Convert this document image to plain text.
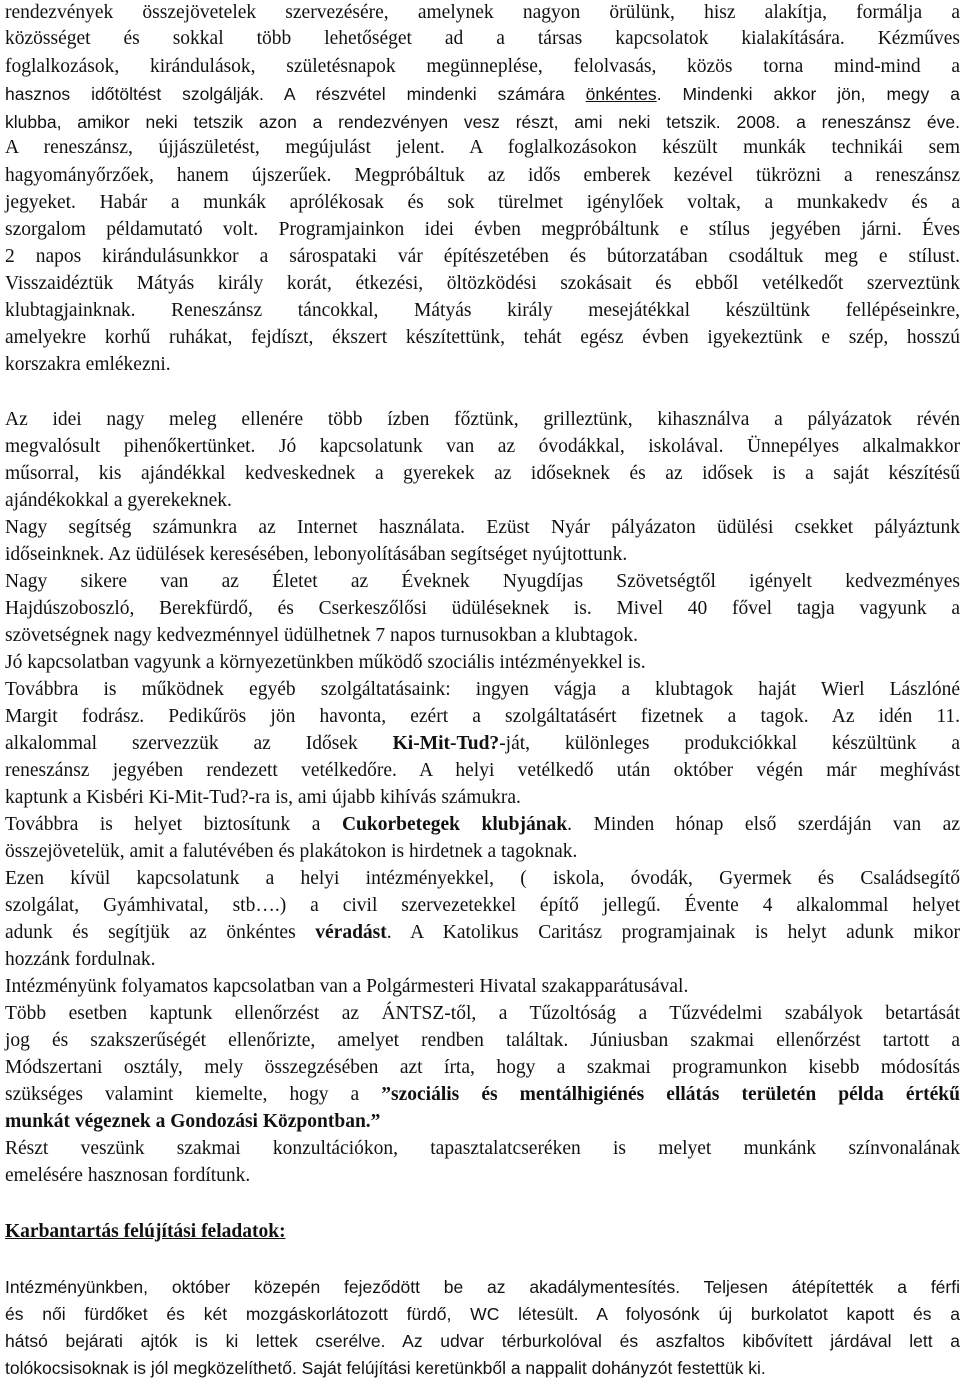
rendezvények összejövetelek szervezésére, amelynek nagyon örülünk, hisz alakítja, formálja a
közösséget és sokkal több lehetőséget ad a társas kapcsolatok kialakítására. Kézműves
foglalkozások, kirándulások, születésnapok megünneplése, felolvasás, közös torna mind-mind a
hasznos időtöltést szolgálják. A részvétel mindenki számára önkéntes. Mindenki akkor jön, megy a
klubba, amikor neki tetszik azon a rendezvényen vesz részt, ami neki tetszik. 2008. a reneszánsz éve.
A reneszánsz, újjászületést, megújulást jelent. A foglalkozásokon készült munkák technikái sem
hagyományőrzőek, hanem újszerűek. Megpróbáltuk az idős emberek kezével tükrözni a reneszánsz
jegyeket. Habár a munkák aprólékosak és sok türelmet igénylőek voltak, a munkakedv és a
szorgalom példamutató volt. Programjainkon idei évben megpróbáltunk e stílus jegyében járni. Éves
2 napos kirándulásunkkor a sárospataki vár építészetében és bútorzatában csodáltuk meg e stílust.
Visszaidéztük Mátyás király korát, étkezési, öltözködési szokásait és ebből vetélkedőt szerveztünk
klubtagjainknak. Reneszánsz táncokkal, Mátyás király mesejátékkal készültünk fellépéseinkre,
amelyekre korhű ruhákat, fejdíszt, ékszert készítettünk, tehát egész évben igyekeztünk e szép, hosszú
korszakra emlékezni.
Az idei nagy meleg ellenére több ízben főztünk, grilleztünk, kihasználva a pályázatok révén
megvalósult pihenőkertünket. Jó kapcsolatunk van az óvodákkal, iskolával. Ünnepélyes alkalmakkor
műsorral, kis ajándékkal kedveskednek a gyerekek az időseknek és az idősek is a saját készítésű
ajándékokkal a gyerekeknek.
Nagy segítség számunkra az Internet használata. Ezüst Nyár pályázaton üdülési csekket pályáztunk
időseinknek. Az üdülések keresésében, lebonyolításában segítséget nyújtottunk.
Nagy sikere van az Életet az Éveknek Nyugdíjas Szövetségtől igényelt kedvezményes
Hajdúszoboszló, Berekfürdő, és Cserkeszőlősi üdüléseknek is. Mivel 40 fővel tagja vagyunk a
szövetségnek nagy kedvezménnyel üdülhetnek 7 napos turnusokban a klubtagok.
Jó kapcsolatban vagyunk a környezetünkben működő szociális intézményekkel is.
Továbbra is működnek egyéb szolgáltatásaink: ingyen vágja a klubtagok haját Wierl Lászlóné
Margit fodrász. Pedikűrös jön havonta, ezért a szolgáltatásért fizetnek a tagok. Az idén 11.
alkalommal szervezzük az Idősek Ki-Mit-Tud?-ját, különleges produkciókkal készültünk a
reneszánsz jegyében rendezett vetélkedőre. A helyi vetélkedő után október végén már meghívást
kaptunk a Kisbéri Ki-Mit-Tud?-ra is, ami újabb kihívás számukra.
Továbbra is helyet biztosítunk a Cukorbetegek klubjának. Minden hónap első szerdáján van az
összejövetelük, amit a falutévében és plakátokon is hirdetnek a tagoknak.
Ezen kívül kapcsolatunk a helyi intézményekkel, ( iskola, óvodák, Gyermek és Családsegítő
szolgálat, Gyámhivatal, stb….) a civil szervezetekkel építő jellegű. Évente 4 alkalommal helyet
adunk és segítjük az önkéntes véradást. A Katolikus Caritász programjainak is helyt adunk mikor
hozzánk fordulnak.
Intézményünk folyamatos kapcsolatban van a Polgármesteri Hivatal szakapparátusával.
Több esetben kaptunk ellenőrzést az ÁNTSZ-től, a Tűzoltóság a Tűzvédelmi szabályok betartását
jog és szakszerűségét ellenőrizte, amelyet rendben találtak. Júniusban szakmai ellenőrzést tartott a
Módszertani osztály, mely összegzésében azt írta, hogy a szakmai programunkon kisebb módosítás
szükséges valamint kiemelte, hogy a ”szociális és mentálhigiénés ellátás területén példa értékű
munkát végeznek a Gondozási Központban.”
Részt veszünk szakmai konzultációkon, tapasztalatcseréken is melyet munkánk színvonalának
emelésére hasznosan fordítunk.
Karbantartás felújítási feladatok:
Intézményünkben, október közepén fejeződött be az akadálymentesítés. Teljesen átépítették a férfi
és női fürdőket és két mozgáskorlátozott fürdő, WC létesült. A folyosónk új burkolatot kapott és a
hátsó bejárati ajtók is ki lettek cserélve. Az udvar térburkolóval és aszfaltos kibővített járdával lett a
tolókocsisoknak is jól megközelíthető. Saját felújítási keretünkből a nappalit dohányzót festettük ki.
